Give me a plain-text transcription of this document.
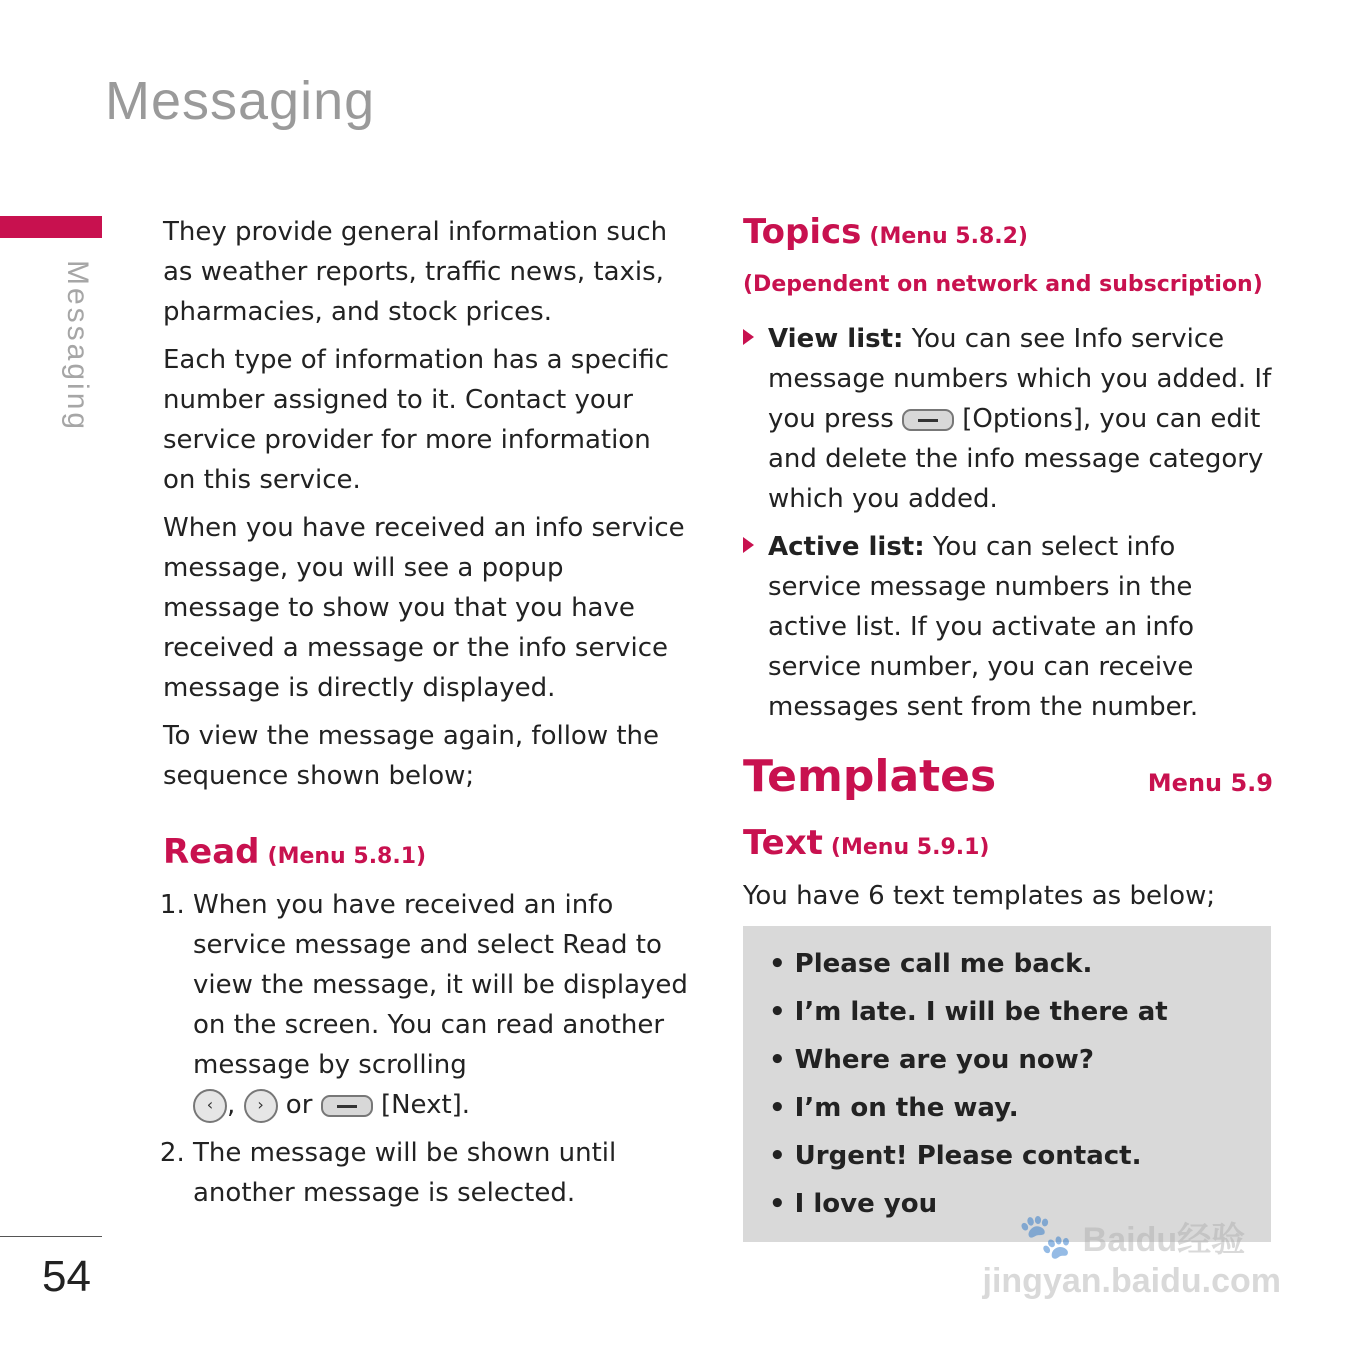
Messaging
Messaging
54

They provide general information such as weather reports, traffic news, taxis, pharmacies, and stock prices.

Each type of information has a specific number assigned to it. Contact your service provider for more information on this service.

When you have received an info service message, you will see a popup message to show you that you have received a message or the info service message is directly displayed.

To view the message again, follow the sequence shown below;

Read (Menu 5.8.1)
1. When you have received an info service message and select Read to view the message, it will be displayed on the screen. You can read another message by scrolling
‹ , › or	[Next].
2. The message will be shown until another message is selected.
Topics (Menu 5.8.2)
(Dependent on network and subscription)
View list: You can see Info service message numbers which you added. If you press	[Options], you can edit and delete the info message category which you added.
Active list: You can select info service message numbers in the active list. If you activate an info service number, you can receive messages sent from the number.
Templates	Menu 5.9
Text (Menu 5.9.1)

You have 6 text templates as below;

• Please call me back.
• I’m late. I will be there at
• Where are you now?
• I’m on the way.
• Urgent! Please contact.
• I love you
🐾 Baidu经验
jingyan.baidu.com
